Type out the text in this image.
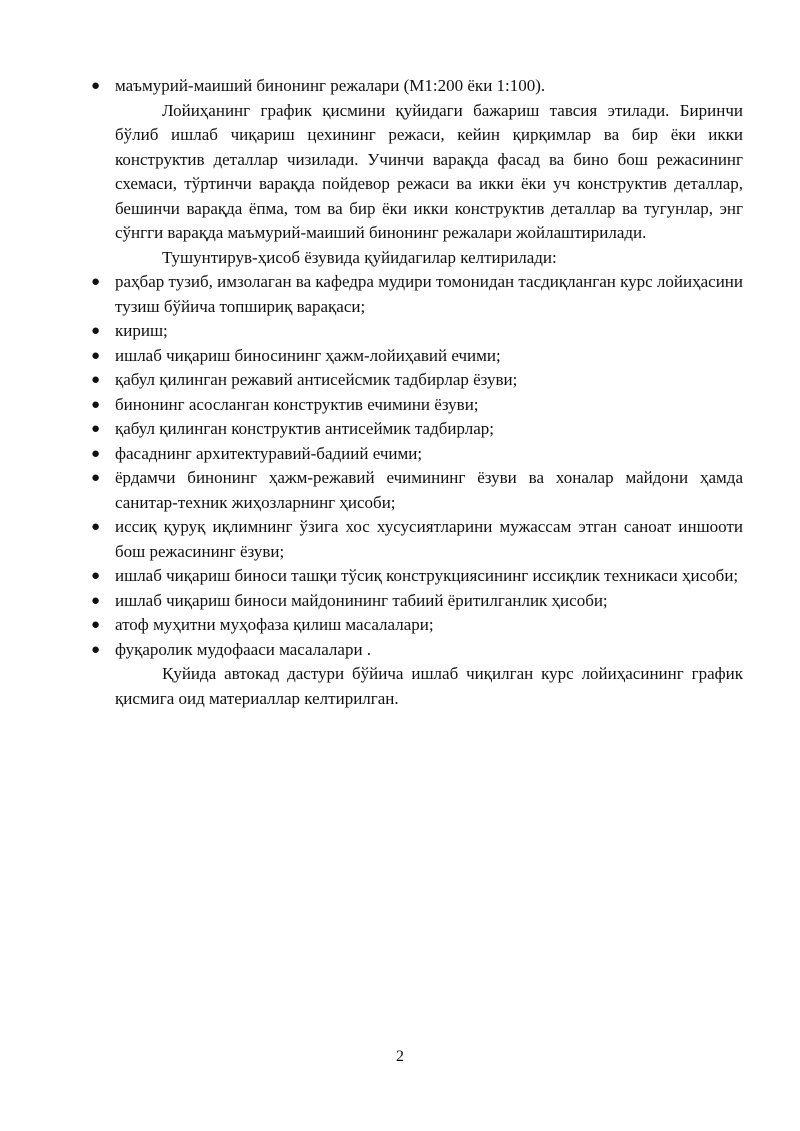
● маъмурий-маиший бинонинг режалари (М1:200 ёки 1:100).

Лойиҳанинг график қисмини қуйидаги бажариш тавсия этилади. Биринчи бўлиб ишлаб чиқариш цехининг режаси, кейин қирқимлар ва бир ёки икки конструктив деталлар чизилади. Учинчи варақда фасад ва бино бош режасининг схемаси, тўртинчи варақда пойдевор режаси ва икки ёки уч конструктив деталлар, бешинчи варақда ёпма, том ва бир ёки икки конструктив деталлар ва тугунлар, энг сўнгги варақда маъмурий-маиший бинонинг режалари жойлаштирилади.

Тушунтирув-ҳисоб ёзувида қуйидагилар келтирилади:

● раҳбар тузиб, имзолаган ва кафедра мудири томонидан тасдиқланган курс лойиҳасини тузиш бўйича топшириқ варақаси;
● кириш;
● ишлаб чиқариш биносининг ҳажм-лойиҳавий ечими;
● қабул қилинган режавий антисейсмик тадбирлар ёзуви;
● бинонинг асосланган конструктив ечимини ёзуви;
● қабул қилинган конструктив антисеймик тадбирлар;
● фасаднинг архитектуравий-бадиий ечими;
● ёрдамчи бинонинг ҳажм-режавий ечимининг ёзуви ва хоналар майдони ҳамда санитар-техник жиҳозларнинг ҳисоби;
● иссиқ қуруқ иқлимнинг ўзига хос хусусиятларини мужассам этган саноат иншооти бош режасининг ёзуви;
● ишлаб чиқариш биноси ташқи тўсиқ конструкциясининг иссиқлик техникаси ҳисоби;
● ишлаб чиқариш биноси майдонининг табиий ёритилганлик ҳисоби;
● атоф муҳитни муҳофаза қилиш масалалари;
● фуқаролик мудофааси масалалари .

Қуйида автокад дастури бўйича ишлаб чиқилган курс лойиҳасининг график қисмига оид материаллар келтирилган.

2
